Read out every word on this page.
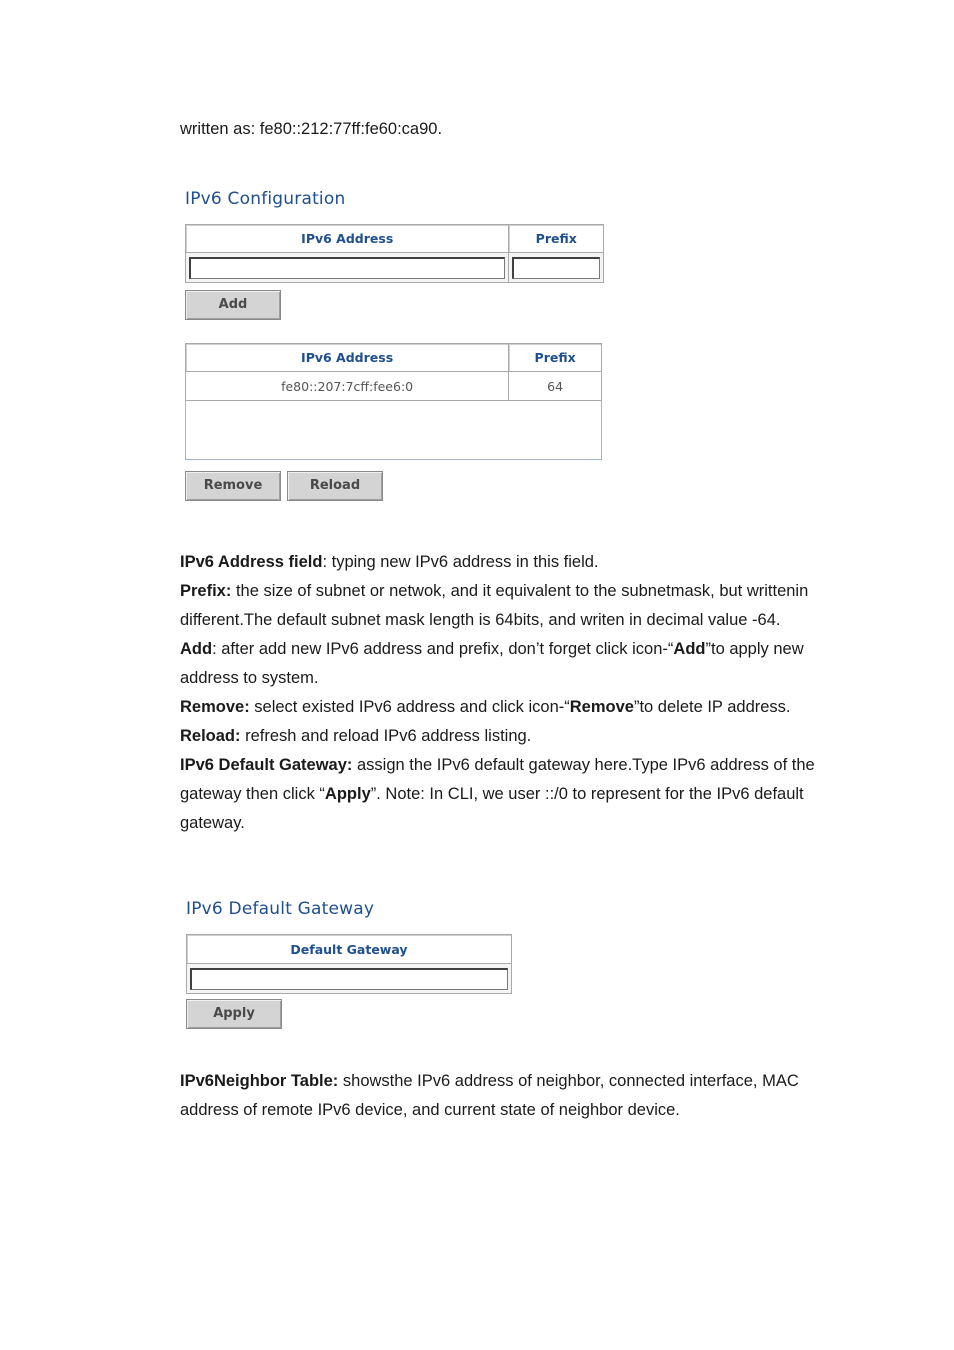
written as: fe80::212:77ff:fe60:ca90.
IPv6 Configuration
IPv6 Address	Prefix

Add
IPv6 Address	Prefix
fe80::207:7cff:fee6:0	64

Remove	Reload

IPv6 Address field: typing new IPv6 address in this field.

Prefix: the size of subnet or netwok, and it equivalent to the subnetmask, but writtenin different.The default subnet mask length is 64bits, and writen in decimal value -64.

Add: after add new IPv6 address and prefix, don’t forget click icon-“Add”to apply new address to system.

Remove: select existed IPv6 address and click icon-“Remove”to delete IP address.

Reload: refresh and reload IPv6 address listing.

IPv6 Default Gateway: assign the IPv6 default gateway here.Type IPv6 address of the gateway then click “Apply”. Note: In CLI, we user ::/0 to represent for the IPv6 default gateway.

IPv6 Default Gateway
Default Gateway

Apply

IPv6Neighbor Table: showsthe IPv6 address of neighbor, connected interface, MAC address of remote IPv6 device, and current state of neighbor device.
